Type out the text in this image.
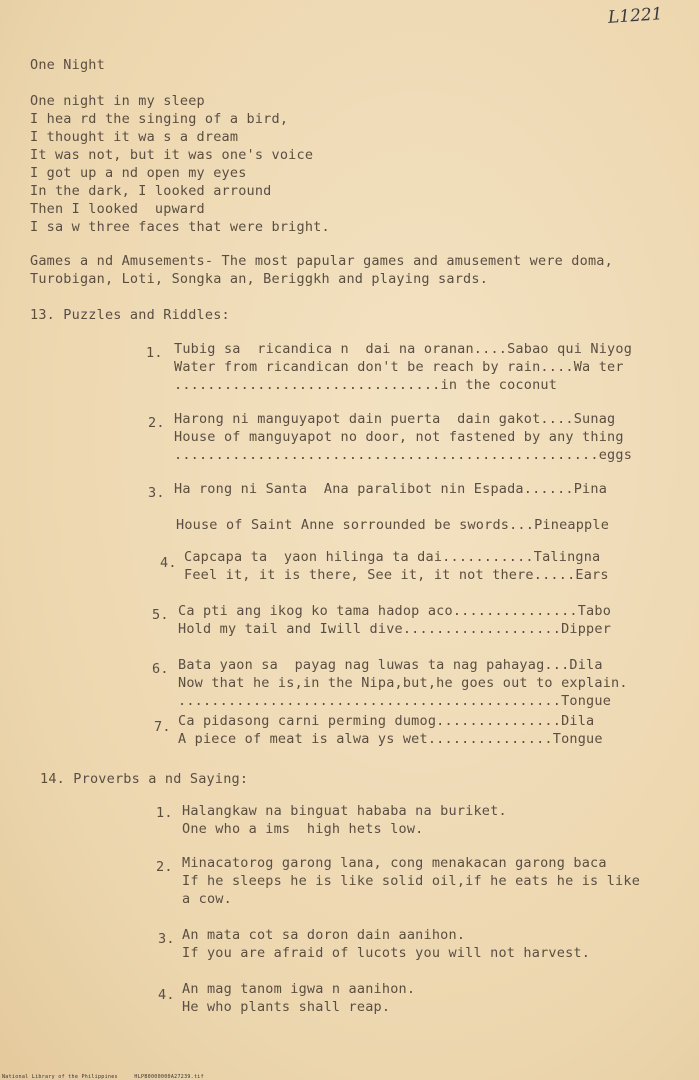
L1221
One Night
One night in my sleep
I hea rd the singing of a bird,
I thought it wa s a dream
It was not, but it was one's voice
I got up a nd open my eyes
In the dark, I looked arround
Then I looked  upward
I sa w three faces that were bright.
Games a nd Amusements- The most papular games and amusement were doma,
Turobigan, Loti, Songka an, Beriggkh and playing sards.
13. Puzzles and Riddles:
1. Tubig sa  ricandica n  dai na oranan....Sabao qui Niyog
Water from ricandican don't be reach by rain....Wa ter
................................in the coconut
2. Harong ni manguyapot dain puerta  dain gakot....Sunag
House of manguyapot no door, not fastened by any thing
...................................................eggs
3. Ha rong ni Santa  Ana paralibot nin Espada......Pina
House of Saint Anne sorrounded be swords...Pineapple
4. Capcapa ta  yaon hilinga ta dai...........Talingna
Feel it, it is there, See it, it not there.....Ears
5. Ca pti ang ikog ko tama hadop aco...............Tabo
Hold my tail and Iwill dive...................Dipper
6. Bata yaon sa  payag nag luwas ta nag pahayag...Dila
Now that he is,in the Nipa,but,he goes out to explain.
..............................................Tongue
7. Ca pidasong carni perming dumog...............Dila
A piece of meat is alwa ys wet...............Tongue
14. Proverbs a nd Saying:
1. Halangkaw na binguat hababa na buriket.
One who a ims  high hets low.
2. Minacatorog garong lana, cong menakacan garong baca
If he sleeps he is like solid oil,if he eats he is like
a cow.
3. An mata cot sa doron dain aanihon.
If you are afraid of lucots you will not harvest.
4. An mag tanom igwa n aanihon.
He who plants shall reap.
National Library of the Philippines     HLPB0000000A27239.tif
